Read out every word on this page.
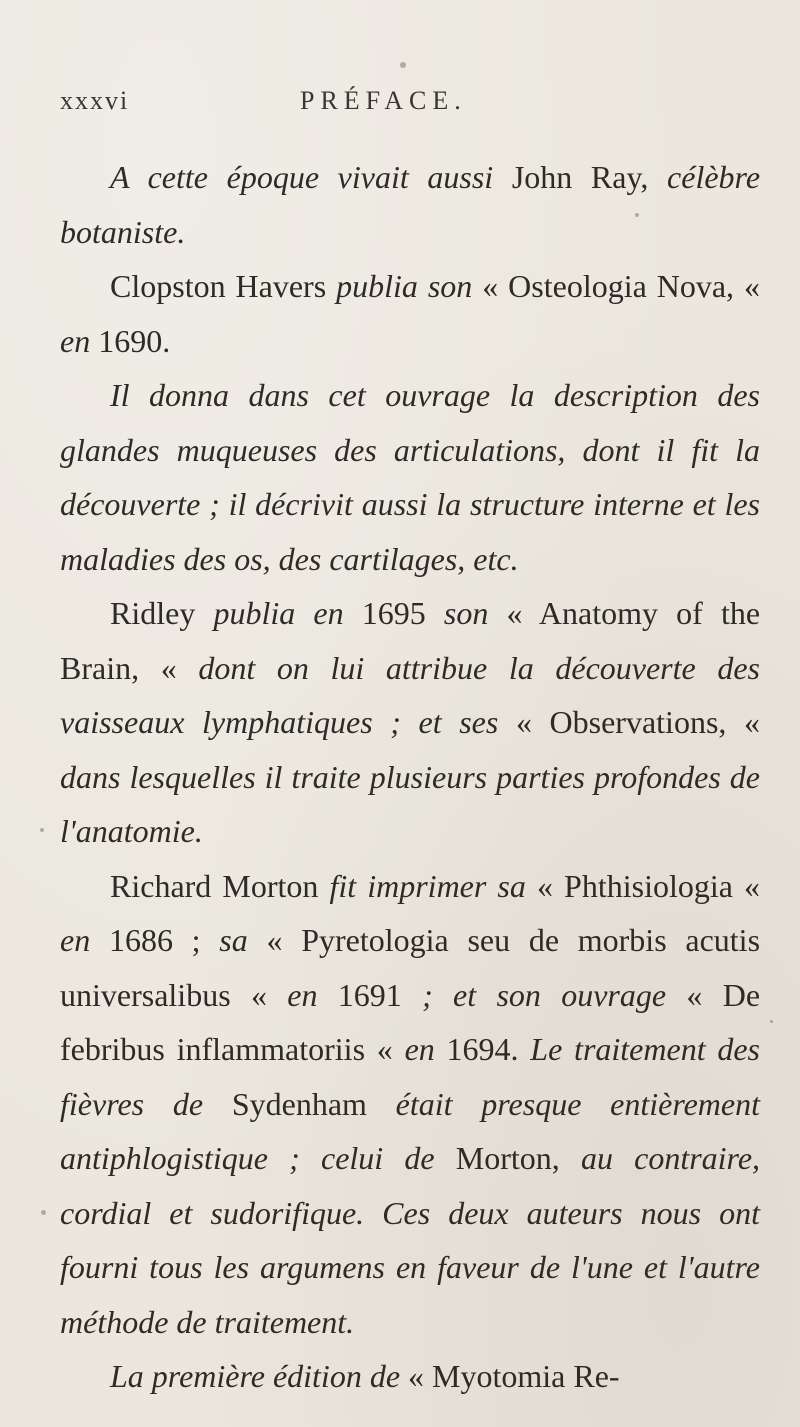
xxxvi	PRÉFACE.

A cette époque vivait aussi John Ray, célèbre botaniste.

Clopston Havers publia son « Osteologia Nova, « en 1690.

Il donna dans cet ouvrage la description des glandes muqueuses des articulations, dont il fit la découverte ; il décrivit aussi la structure interne et les maladies des os, des cartilages, etc.

Ridley publia en 1695 son « Anatomy of the Brain, « dont on lui attribue la découverte des vaisseaux lymphatiques ; et ses « Observations, « dans lesquelles il traite plusieurs parties profondes de l'anatomie.

Richard Morton fit imprimer sa « Phthisiologia « en 1686 ; sa « Pyretologia seu de morbis acutis universalibus « en 1691 ; et son ouvrage « De febribus inflammatoriis « en 1694. Le traitement des fièvres de Sydenham était presque entièrement antiphlogistique ; celui de Morton, au contraire, cordial et sudorifique. Ces deux auteurs nous ont fourni tous les argumens en faveur de l'une et l'autre méthode de traitement.

La première édition de « Myotomia Re-
